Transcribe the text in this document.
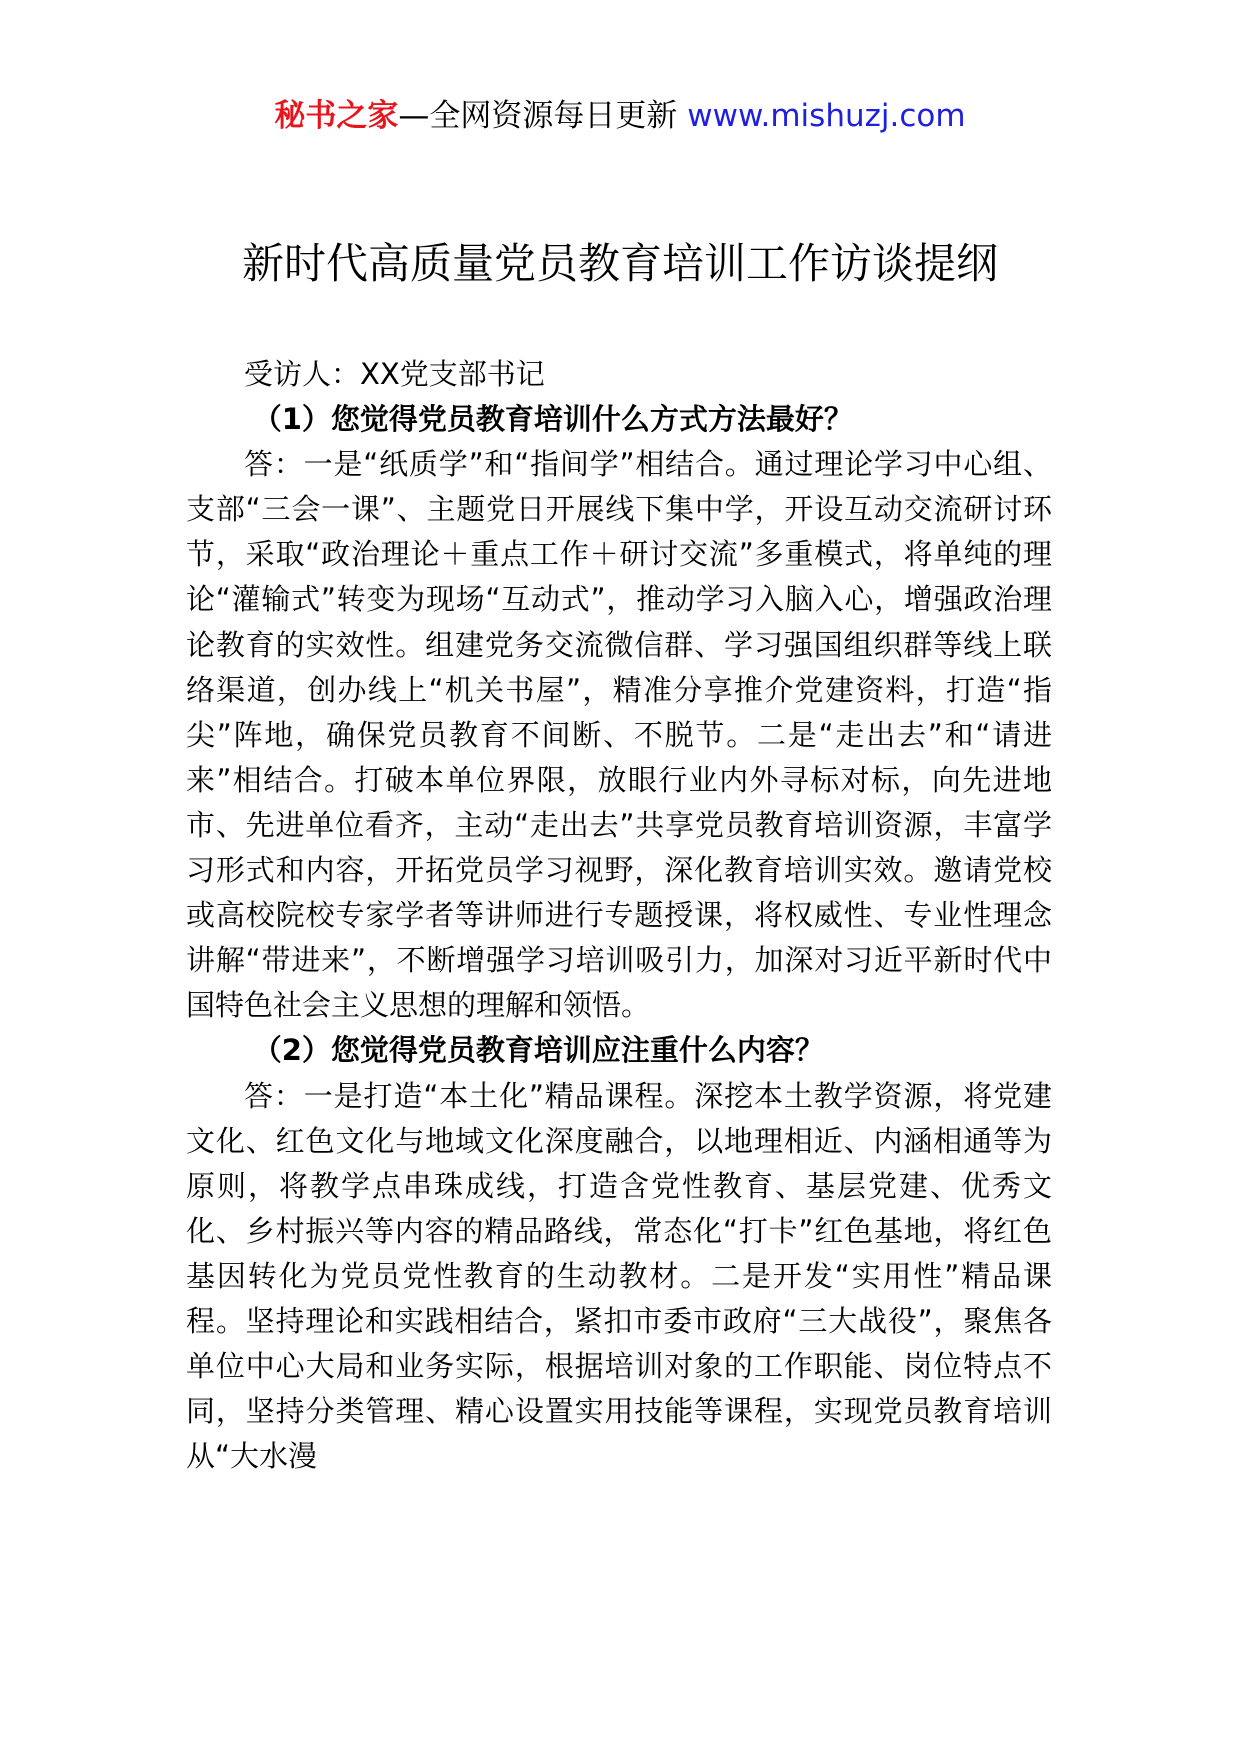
秘书之家—全网资源每日更新 www.mishuzj.com
新时代高质量党员教育培训工作访谈提纲

受访人：XX党支部书记

（1）您觉得党员教育培训什么方式方法最好？

答：一是“纸质学”和“指间学”相结合。通过理论学习中心组、支部“三会一课”、主题党日开展线下集中学，开设互动交流研讨环节，采取“政治理论＋重点工作＋研讨交流”多重模式，将单纯的理论“灌输式”转变为现场“互动式”，推动学习入脑入心，增强政治理论教育的实效性。组建党务交流微信群、学习强国组织群等线上联络渠道，创办线上“机关书屋”，精准分享推介党建资料，打造“指尖”阵地，确保党员教育不间断、不脱节。二是“走出去”和“请进来”相结合。打破本单位界限，放眼行业内外寻标对标，向先进地市、先进单位看齐，主动“走出去”共享党员教育培训资源，丰富学习形式和内容，开拓党员学习视野，深化教育培训实效。邀请党校或高校院校专家学者等讲师进行专题授课，将权威性、专业性理念讲解“带进来”，不断增强学习培训吸引力，加深对习近平新时代中国特色社会主义思想的理解和领悟。

（2）您觉得党员教育培训应注重什么内容？

答：一是打造“本土化”精品课程。深挖本土教学资源，将党建文化、红色文化与地域文化深度融合，以地理相近、内涵相通等为原则，将教学点串珠成线，打造含党性教育、基层党建、优秀文化、乡村振兴等内容的精品路线，常态化“打卡”红色基地，将红色基因转化为党员党性教育的生动教材。二是开发“实用性”精品课程。坚持理论和实践相结合，紧扣市委市政府“三大战役”，聚焦各单位中心大局和业务实际，根据培训对象的工作职能、岗位特点不同，坚持分类管理、精心设置实用技能等课程，实现党员教育培训从“大水漫
